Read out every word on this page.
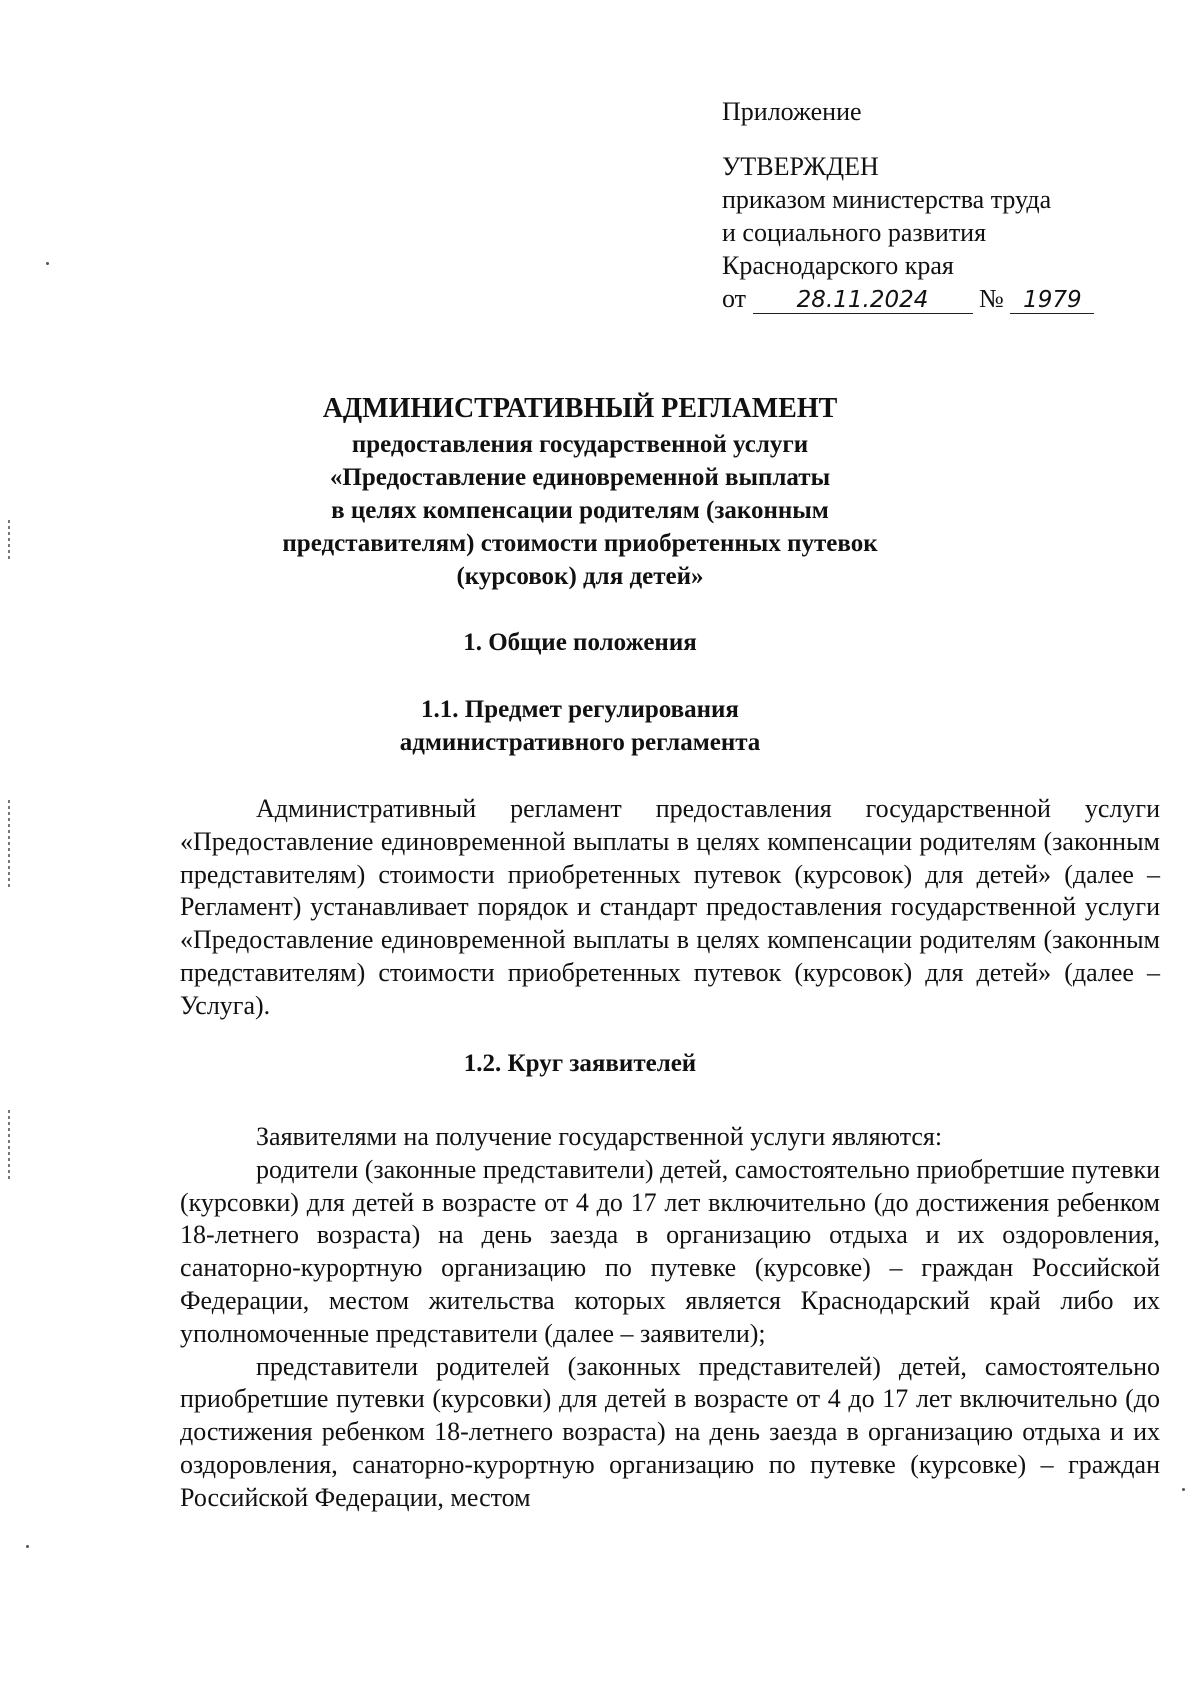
Приложение
УТВЕРЖДЕН
приказом министерства труда
и социального развития
Краснодарского края
от 28.11.2024 № 1979
АДМИНИСТРАТИВНЫЙ РЕГЛАМЕНТ
предоставления государственной услуги
«Предоставление единовременной выплаты
в целях компенсации родителям (законным
представителям) стоимости приобретенных путевок
(курсовок) для детей»
1. Общие положения
1.1. Предмет регулирования
административного регламента

Административный регламент предоставления государственной услуги «Предоставление единовременной выплаты в целях компенсации родителям (законным представителям) стоимости приобретенных путевок (курсовок) для детей» (далее – Регламент) устанавливает порядок и стандарт предоставления государственной услуги «Предоставление единовременной выплаты в целях компенсации родителям (законным представителям) стоимости приобретенных путевок (курсовок) для детей» (далее – Услуга).

1.2. Круг заявителей

Заявителями на получение государственной услуги являются:

родители (законные представители) детей, самостоятельно приобретшие путевки (курсовки) для детей в возрасте от 4 до 17 лет включительно (до достижения ребенком 18-летнего возраста) на день заезда в организацию отдыха и их оздоровления, санаторно-курортную организацию по путевке (курсовке) – граждан Российской Федерации, местом жительства которых является Краснодарский край либо их уполномоченные представители (далее – заявители);

представители родителей (законных представителей) детей, самостоятельно приобретшие путевки (курсовки) для детей в возрасте от 4 до 17 лет включительно (до достижения ребенком 18-летнего возраста) на день заезда в организацию отдыха и их оздоровления, санаторно-курортную организацию по путевке (курсовке) – граждан Российской Федерации, местом
